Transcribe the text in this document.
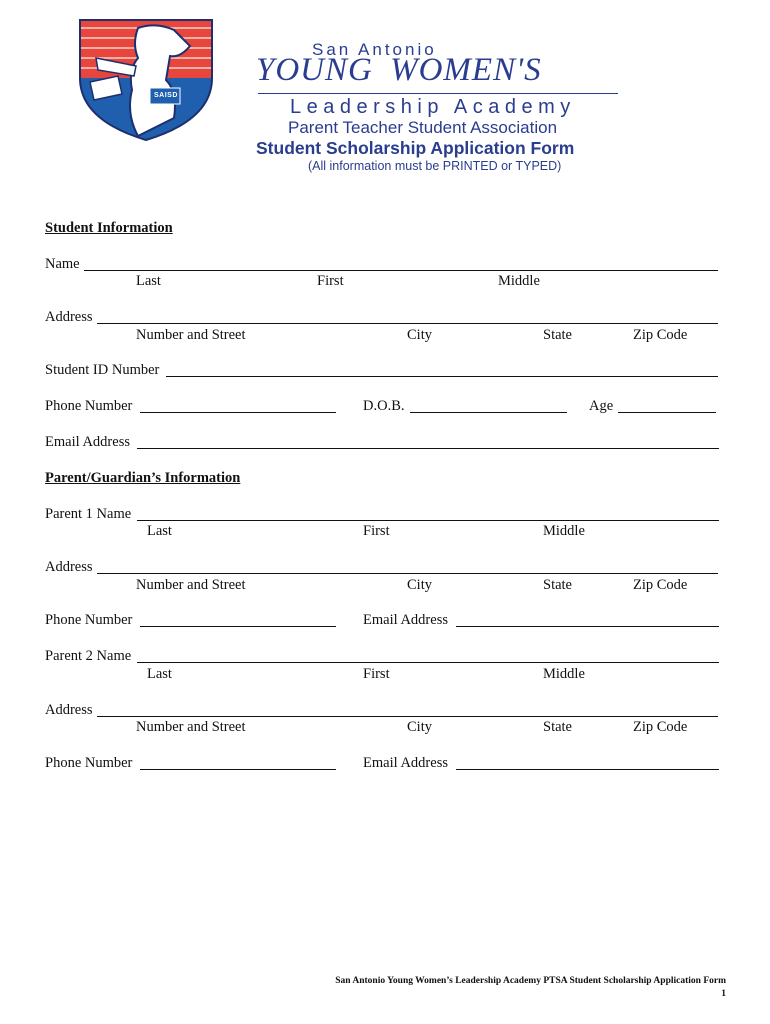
SAISD
San Antonio
YOUNG WOMEN'S
Leadership Academy
Parent Teacher Student Association
Student Scholarship Application Form
(All information must be PRINTED or TYPED)
Student Information
Name
Last	First	Middle
Address
Number and Street	City	State	Zip Code
Student ID Number
Phone Number	D.O.B.	Age
Email Address
Parent/Guardian’s Information
Parent 1 Name
Last	First	Middle
Address
Number and Street	City	State	Zip Code
Phone Number	Email Address
Parent 2 Name
Last	First	Middle
Address
Number and Street	City	State	Zip Code
Phone Number	Email Address
San Antonio Young Women’s Leadership Academy PTSA Student Scholarship Application Form
1
